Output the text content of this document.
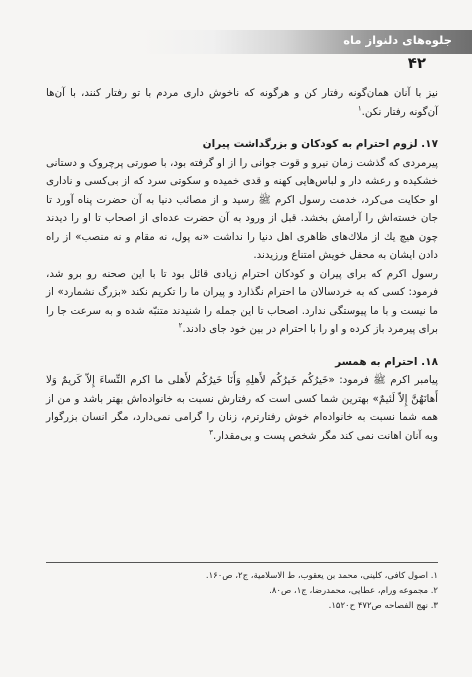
جلوه‌های دلنواز ماه
۴۲

نیز با آنان همان‌گونه رفتار کن و هرگونه که ناخوش داری مردم با تو رفتار کنند، با آن‌ها آن‌گونه رفتار نکن.$^۱$

۱۷. لزوم احترام به کودکان و بزرگداشت پیران

پیرمردی که گذشت زمان نیرو و قوت جوانی را از او گرفته بود، با صورتی پرچروک و دستانی خشکیده و رعشه دار و لباس‌هایی کهنه و قدی خمیده و سکوتی سرد که از بی‌کسی و ناداری او حکایت می‌کرد، خدمت رسول اکرم ﷺ رسید و از مصائب دنیا به آن حضرت پناه آورد تا جان خسته‌اش را آرامش بخشد. قبل از ورود به آن حضرت عده‌ای از اصحاب تا او را دیدند چون هیچ یك از ملاك‌های ظاهری اهل دنیا را نداشت «نه پول، نه مقام و نه منصب» از راه دادن ایشان به محفل خویش امتناع ورزیدند.

رسول اکرم که برای پیران و کودکان احترام زیادی قائل بود تا با این صحنه رو برو شد، فرمود: کسی که به خردسالان ما احترام نگذارد و پیران ما را تکریم نکند «بزرگ نشمارد» از ما نیست و با ما پیوستگی ندارد. اصحاب تا این جمله را شنیدند متنبّه شده و به سرعت جا را برای پیرمرد باز کرده و او را با احترام در بین خود جای دادند.$^۲$

۱۸. احترام به همسر

پیامبر اکرم ﷺ فرمود: «خَیرُکُم خَیرُکُم لأَهلِهِ وَأَنَا خَیرُکُم لأَهلی ما اکرم النِّساءَ إِلاّ کَریمٌ وَلا أَهانَهُنَّ إِلاّ لَئیمٌ» بهترین شما کسی است که رفتارش نسبت به خانواده‌اش بهتر باشد و من از همه شما نسبت به خانواده‌ام خوش رفتارترم، زنان را گرامی نمی‌دارد، مگر انسان بزرگوار وبه آنان اهانت نمی کند مگر شخص پست و بی‌مقدار.$^۳$

۱. اصول کافی، کلینی، محمد بن یعقوب، ط الاسلامیة، ج۲، ص۱۶۰.
۲. مجموعه ورام، عطایی، محمدرضا، ج۱، ص۸۰.
۳. نهج الفصاحه ص۴۷۲ ح۱۵۲۰.
